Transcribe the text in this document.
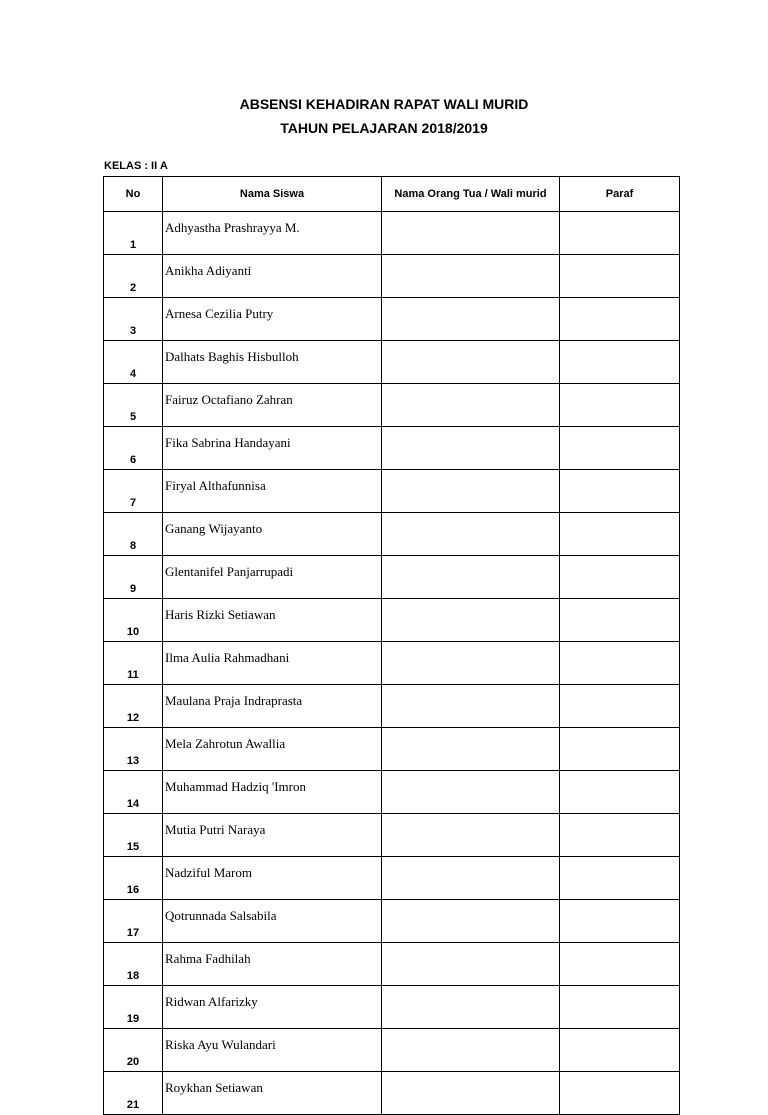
ABSENSI KEHADIRAN RAPAT WALI MURID
TAHUN PELAJARAN 2018/2019
KELAS : II A
No	Nama Siswa	Nama Orang Tua / Wali murid	Paraf
1	Adhyastha Prashrayya M.		
2	Anikha Adiyanti		
3	Arnesa Cezilia Putry		
4	Dalhats Baghis Hisbulloh		
5	Fairuz Octafiano Zahran		
6	Fika Sabrina Handayani		
7	Firyal Althafunnisa		
8	Ganang Wijayanto		
9	Glentanifel Panjarrupadi		
10	Haris Rizki Setiawan		
11	Ilma Aulia Rahmadhani		
12	Maulana Praja Indraprasta		
13	Mela Zahrotun Awallia		
14	Muhammad Hadziq 'Imron		
15	Mutia Putri Naraya		
16	Nadziful Marom		
17	Qotrunnada Salsabila		
18	Rahma Fadhilah		
19	Ridwan Alfarizky		
20	Riska Ayu Wulandari		
21	Roykhan Setiawan		
